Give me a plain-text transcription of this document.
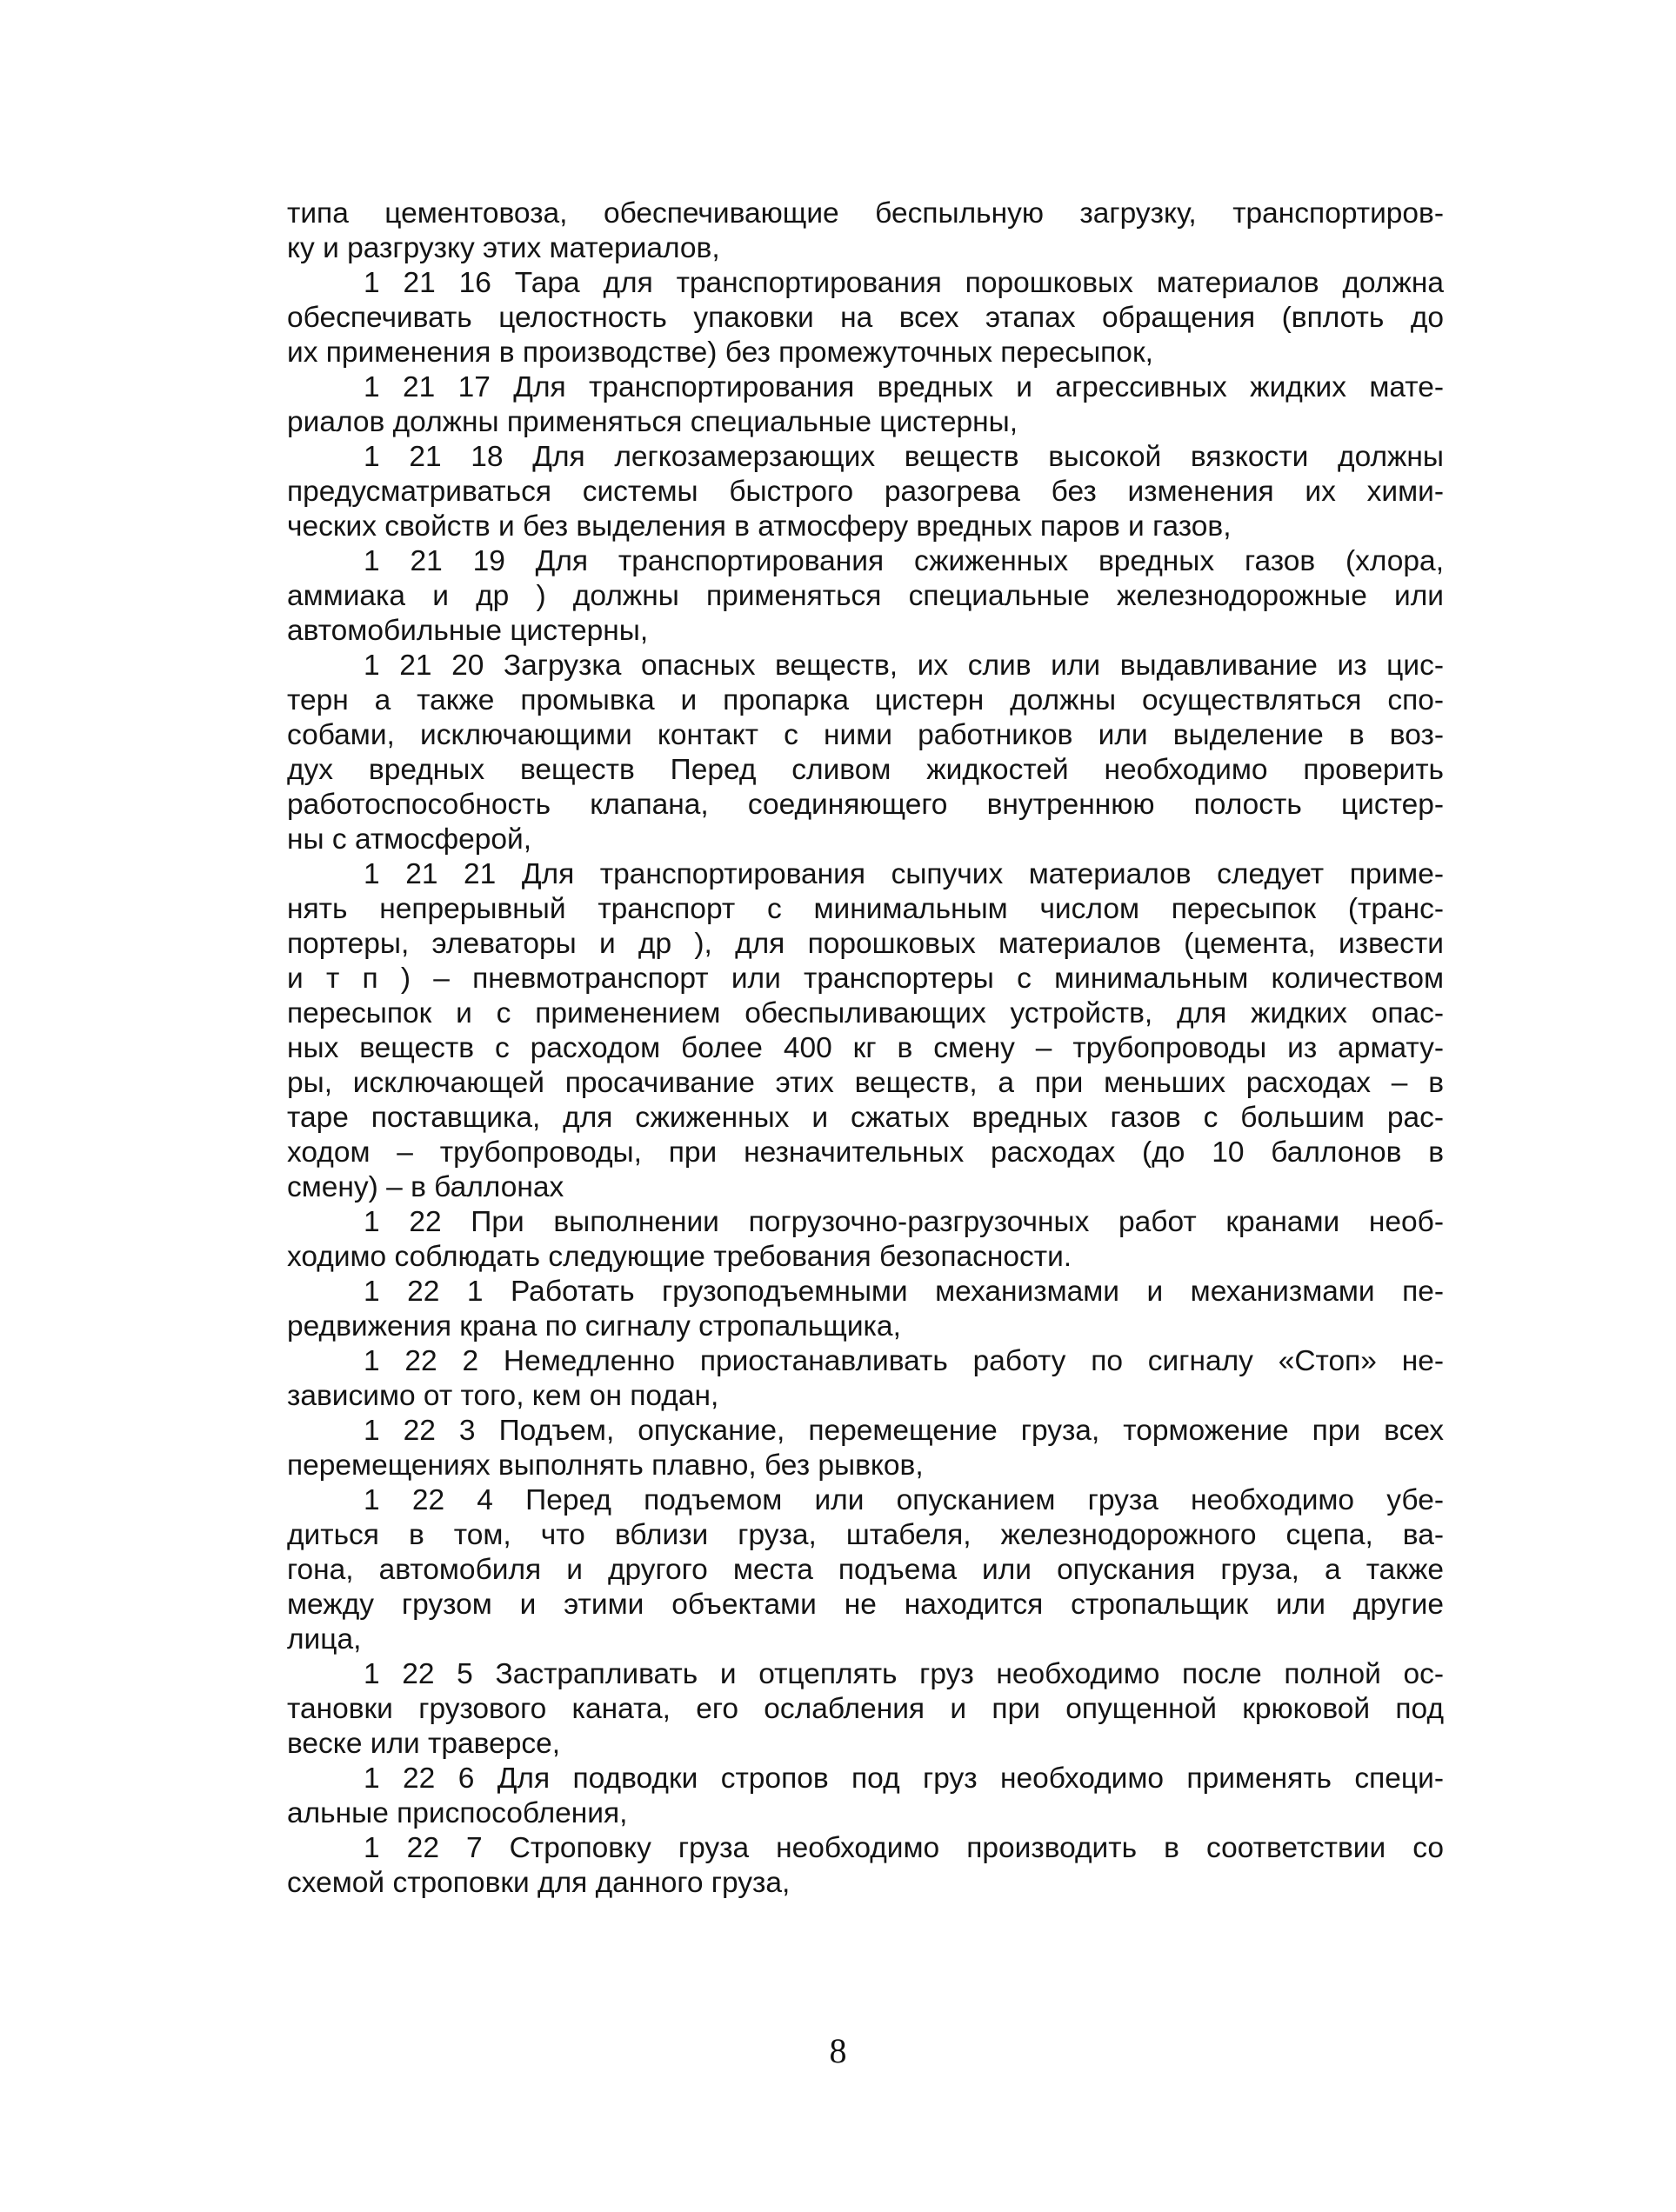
типа цементовоза, обеспечивающие беспыльную загрузку, транспортиров-
ку и разгрузку этих материалов,
1 21 16 Тара для транспортирования порошковых материалов должна
обеспечивать целостность упаковки на всех этапах обращения (вплоть до
их применения в производстве) без промежуточных пересыпок,
1 21 17 Для транспортирования вредных и агрессивных жидких мате-
риалов должны применяться специальные цистерны,
1 21 18 Для легкозамерзающих веществ высокой вязкости должны
предусматриваться системы быстрого разогрева без изменения их хими-
ческих свойств и без выделения в атмосферу вредных паров и газов,
1 21 19 Для транспортирования сжиженных вредных газов (хлора,
аммиака и др ) должны применяться специальные железнодорожные или
автомобильные цистерны,
1 21 20 Загрузка опасных веществ, их слив или выдавливание из цис-
терн а также промывка и пропарка цистерн должны осуществляться спо-
собами, исключающими контакт с ними работников или выделение в воз-
дух вредных веществ Перед сливом жидкостей необходимо проверить
работоспособность клапана, соединяющего внутреннюю полость цистер-
ны с атмосферой,
1 21 21 Для транспортирования сыпучих материалов следует приме-
нять непрерывный транспорт с минимальным числом пересыпок (транс-
портеры, элеваторы и др ), для порошковых материалов (цемента, извести
и т п ) – пневмотранспорт или транспортеры с минимальным количеством
пересыпок и с применением обеспыливающих устройств, для жидких опас-
ных веществ с расходом более 400 кг в смену – трубопроводы из армату-
ры, исключающей просачивание этих веществ, а при меньших расходах – в
таре поставщика, для сжиженных и сжатых вредных газов с большим рас-
ходом – трубопроводы, при незначительных расходах (до 10 баллонов в
смену) – в баллонах
1 22 При выполнении погрузочно-разгрузочных работ кранами необ-
ходимо соблюдать следующие требования безопасности.
1 22 1 Работать грузоподъемными механизмами и механизмами пе-
редвижения крана по сигналу стропальщика,
1 22 2 Немедленно приостанавливать работу по сигналу «Стоп» не-
зависимо от того, кем он подан,
1 22 3 Подъем, опускание, перемещение груза, торможение при всех
перемещениях выполнять плавно, без рывков,
1 22 4 Перед подъемом или опусканием груза необходимо убе-
диться в том, что вблизи груза, штабеля, железнодорожного сцепа, ва-
гона, автомобиля и другого места подъема или опускания груза, а также
между грузом и этими объектами не находится стропальщик или другие
лица,
1 22 5 Застрапливать и отцеплять груз необходимо после полной ос-
тановки грузового каната, его ослабления и при опущенной крюковой под
веске или траверсе,
1 22 6 Для подводки стропов под груз необходимо применять специ-
альные приспособления,
1 22 7 Строповку груза необходимо производить в соответствии со
схемой строповки для данного груза,
8
